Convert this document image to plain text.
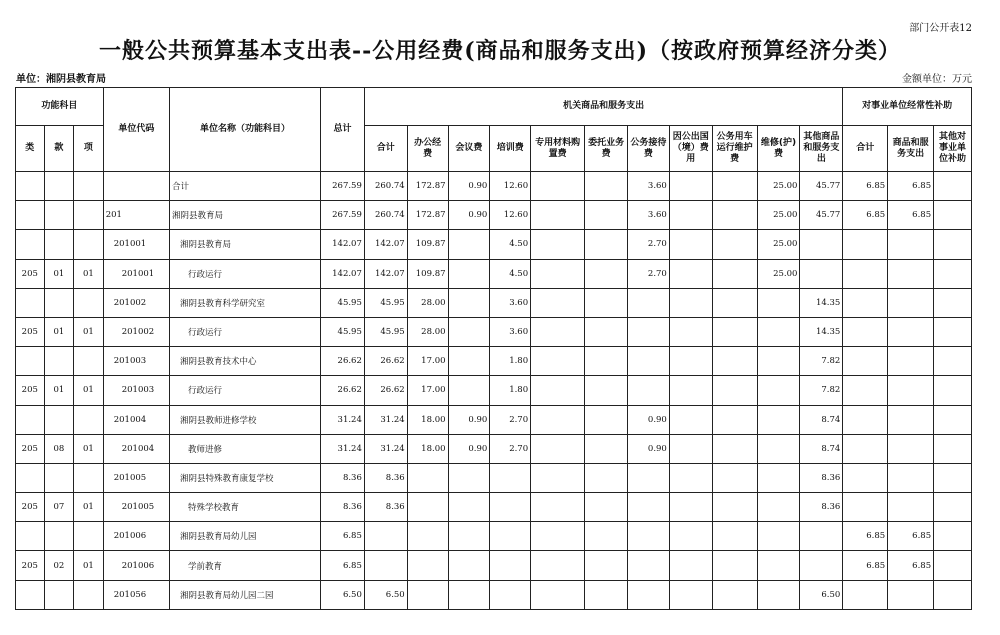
部门公开表12
一般公共预算基本支出表--公用经费(商品和服务支出)（按政府预算经济分类）
单位：湘阴县教育局	金额单位：万元
功能科目			单位代码	单位名称（功能科目）	总计	机关商品和服务支出											对事业单位经常性补助		
类	款	项				合计	办公经费	会议费	培训费	专用材料购置费	委托业务费	公务接待费	因公出国（境）费用	公务用车运行维护费	维修(护)费	其他商品和服务支出	合计	商品和服务支出	其他对事业单位补助
				合计	267.59	260.74	172.87	0.90	12.60			3.60			25.00	45.77	6.85	6.85	
			201	湘阴县教育局	267.59	260.74	172.87	0.90	12.60			3.60			25.00	45.77	6.85	6.85	
			201001	湘阴县教育局	142.07	142.07	109.87		4.50			2.70			25.00				
205	01	01	201001	行政运行	142.07	142.07	109.87		4.50			2.70			25.00				
			201002	湘阴县教育科学研究室	45.95	45.95	28.00		3.60							14.35			
205	01	01	201002	行政运行	45.95	45.95	28.00		3.60							14.35			
			201003	湘阴县教育技术中心	26.62	26.62	17.00		1.80							7.82			
205	01	01	201003	行政运行	26.62	26.62	17.00		1.80							7.82			
			201004	湘阴县教师进修学校	31.24	31.24	18.00	0.90	2.70			0.90				8.74			
205	08	01	201004	教师进修	31.24	31.24	18.00	0.90	2.70			0.90				8.74			
			201005	湘阴县特殊教育康复学校	8.36	8.36										8.36			
205	07	01	201005	特殊学校教育	8.36	8.36										8.36			
			201006	湘阴县教育局幼儿园	6.85												6.85	6.85	
205	02	01	201006	学前教育	6.85												6.85	6.85	
			201056	湘阴县教育局幼儿园二园	6.50	6.50										6.50			
